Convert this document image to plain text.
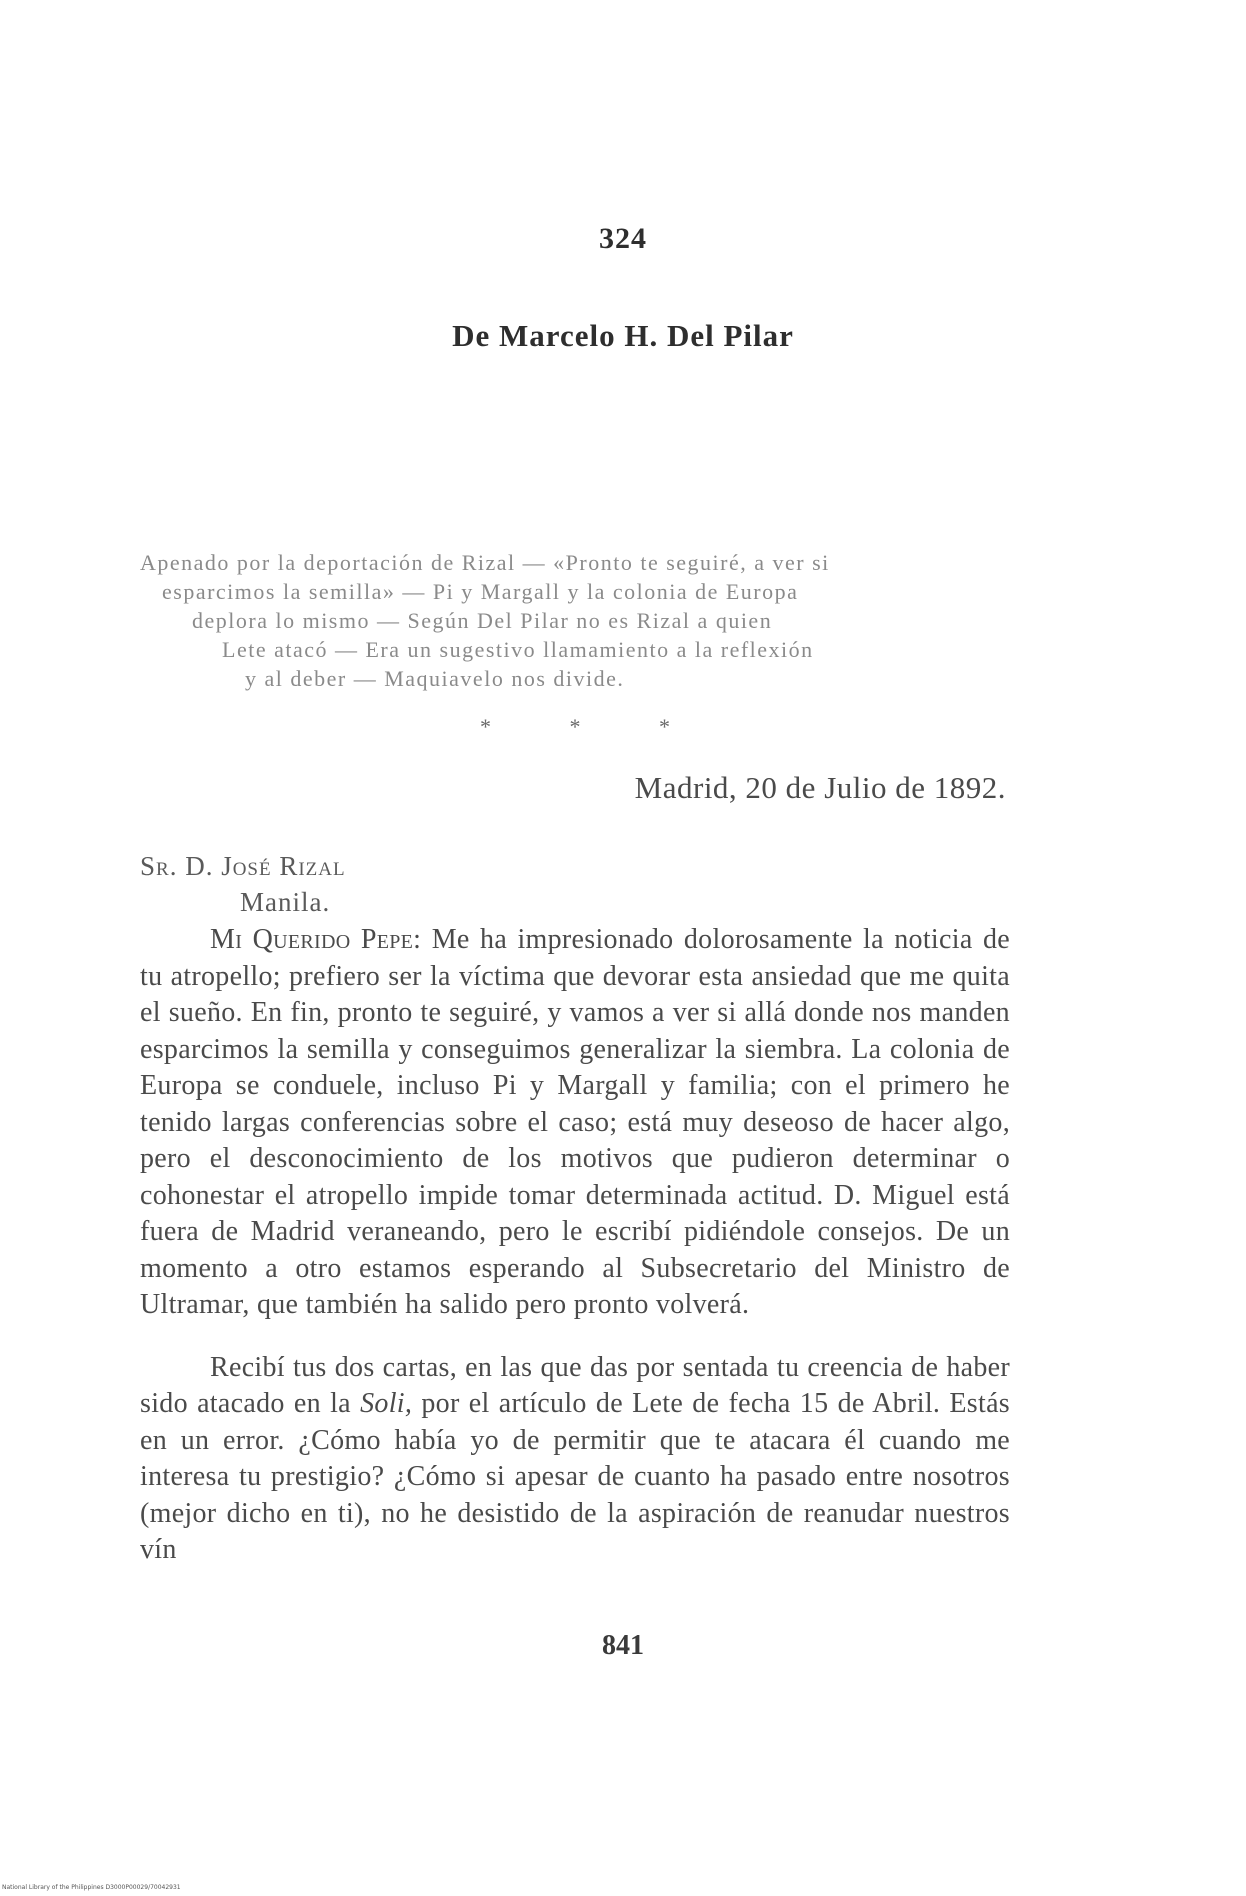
324
De Marcelo H. Del Pilar
Apenado por la deportación de Rizal — «Pronto te seguiré, a ver si
esparcimos la semilla» — Pi y Margall y la colonia de Europa
deplora lo mismo — Según Del Pilar no es Rizal a quien
Lete atacó — Era un sugestivo llamamiento a la reflexión
y al deber — Maquiavelo nos divide.
*	*	*
Madrid, 20 de Julio de 1892.
Sr. D. José Rizal
Manila.

Mi Querido Pepe: Me ha impresionado dolorosamente la noticia de tu atropello; prefiero ser la víctima que devorar esta ansiedad que me quita el sueño. En fin, pronto te seguiré, y vamos a ver si allá donde nos manden esparcimos la semilla y conseguimos generalizar la siembra. La colonia de Europa se conduele, incluso Pi y Margall y familia; con el primero he tenido largas conferencias sobre el caso; está muy deseoso de hacer algo, pero el desconocimiento de los motivos que pudieron determinar o cohonestar el atropello impide tomar determinada actitud. D. Miguel está fuera de Madrid veraneando, pero le escribí pidiéndole consejos. De un momento a otro estamos esperando al Subsecretario del Ministro de Ultramar, que también ha salido pero pronto volverá.

Recibí tus dos cartas, en las que das por sentada tu creencia de haber sido atacado en la Soli, por el artículo de Lete de fecha 15 de Abril. Estás en un error. ¿Cómo había yo de permitir que te atacara él cuando me interesa tu prestigio? ¿Cómo si apesar de cuanto ha pasado entre nosotros (mejor dicho en ti), no he desistido de la aspiración de reanudar nuestros vín

841
National Library of the Philippines D3000P00029/70042931
